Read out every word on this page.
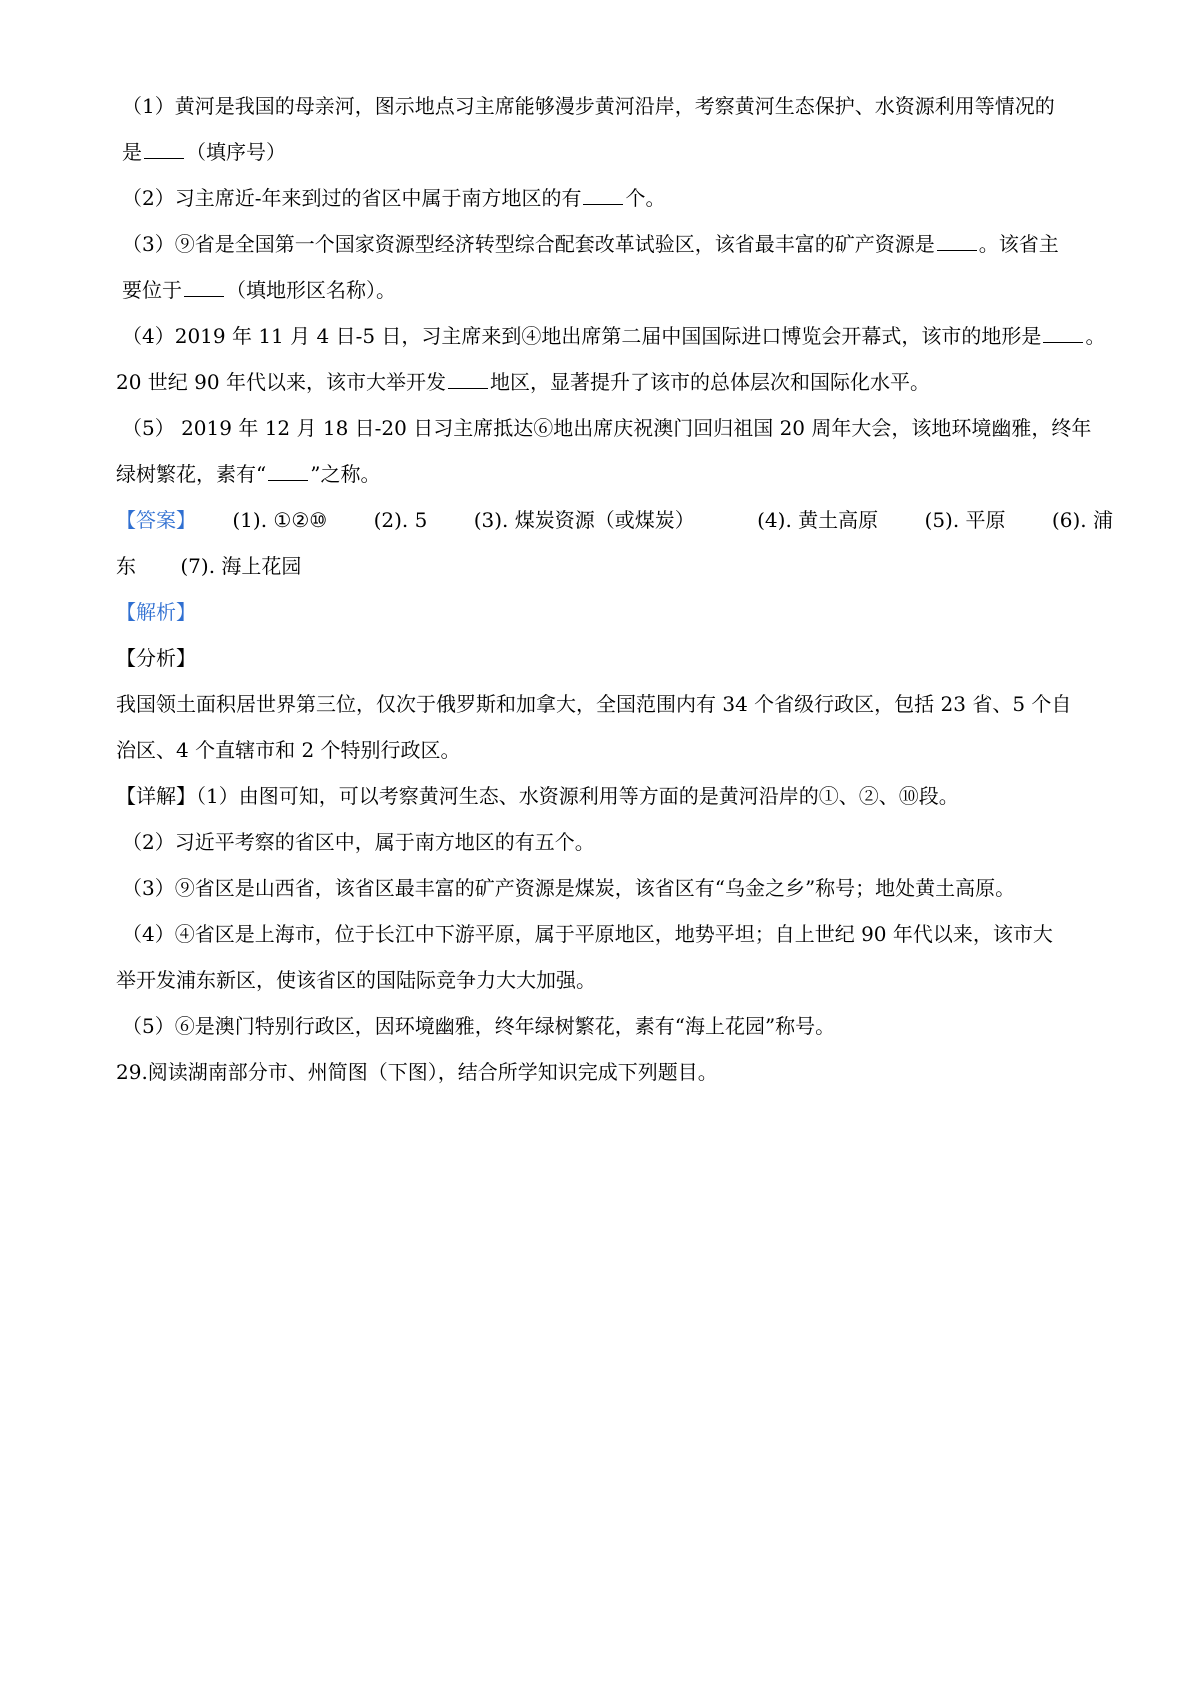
（1）黄河是我国的母亲河，图示地点习主席能够漫步黄河沿岸，考察黄河生态保护、水资源利用等情况的
是 （填序号）
（2）习主席近-年来到过的省区中属于南方地区的有 个。
（3）⑨省是全国第一个国家资源型经济转型综合配套改革试验区，该省最丰富的矿产资源是 。该省主
要位于 （填地形区名称）。
（4）2019 年 11 月 4 日-5 日，习主席来到④地出席第二届中国国际进口博览会开幕式，该市的地形是 。
20 世纪 90 年代以来，该市大举开发 地区，显著提升了该市的总体层次和国际化水平。
（5） 2019 年 12 月 18 日-20 日习主席抵达⑥地出席庆祝澳门回归祖国 20 周年大会，该地环境幽雅，终年
绿树繁花，素有“ ”之称。
【答案】 (1). ①②⑩ (2). 5 (3). 煤炭资源（或煤炭）	(4). 黄土高原 (5). 平原 (6). 浦
东 (7). 海上花园
【解析】
【分析】
我国领土面积居世界第三位，仅次于俄罗斯和加拿大，全国范围内有 34 个省级行政区，包括 23 省、5 个自
治区、4 个直辖市和 2 个特别行政区。
【详解】（1）由图可知，可以考察黄河生态、水资源利用等方面的是黄河沿岸的①、②、⑩段。
（2）习近平考察的省区中，属于南方地区的有五个。
（3）⑨省区是山西省，该省区最丰富的矿产资源是煤炭，该省区有“乌金之乡”称号；地处黄土高原。
（4）④省区是上海市，位于长江中下游平原，属于平原地区，地势平坦；自上世纪 90 年代以来，该市大
举开发浦东新区，使该省区的国陆际竞争力大大加强。
（5）⑥是澳门特别行政区，因环境幽雅，终年绿树繁花，素有“海上花园”称号。
29.阅读湖南部分市、州简图（下图），结合所学知识完成下列题目。
